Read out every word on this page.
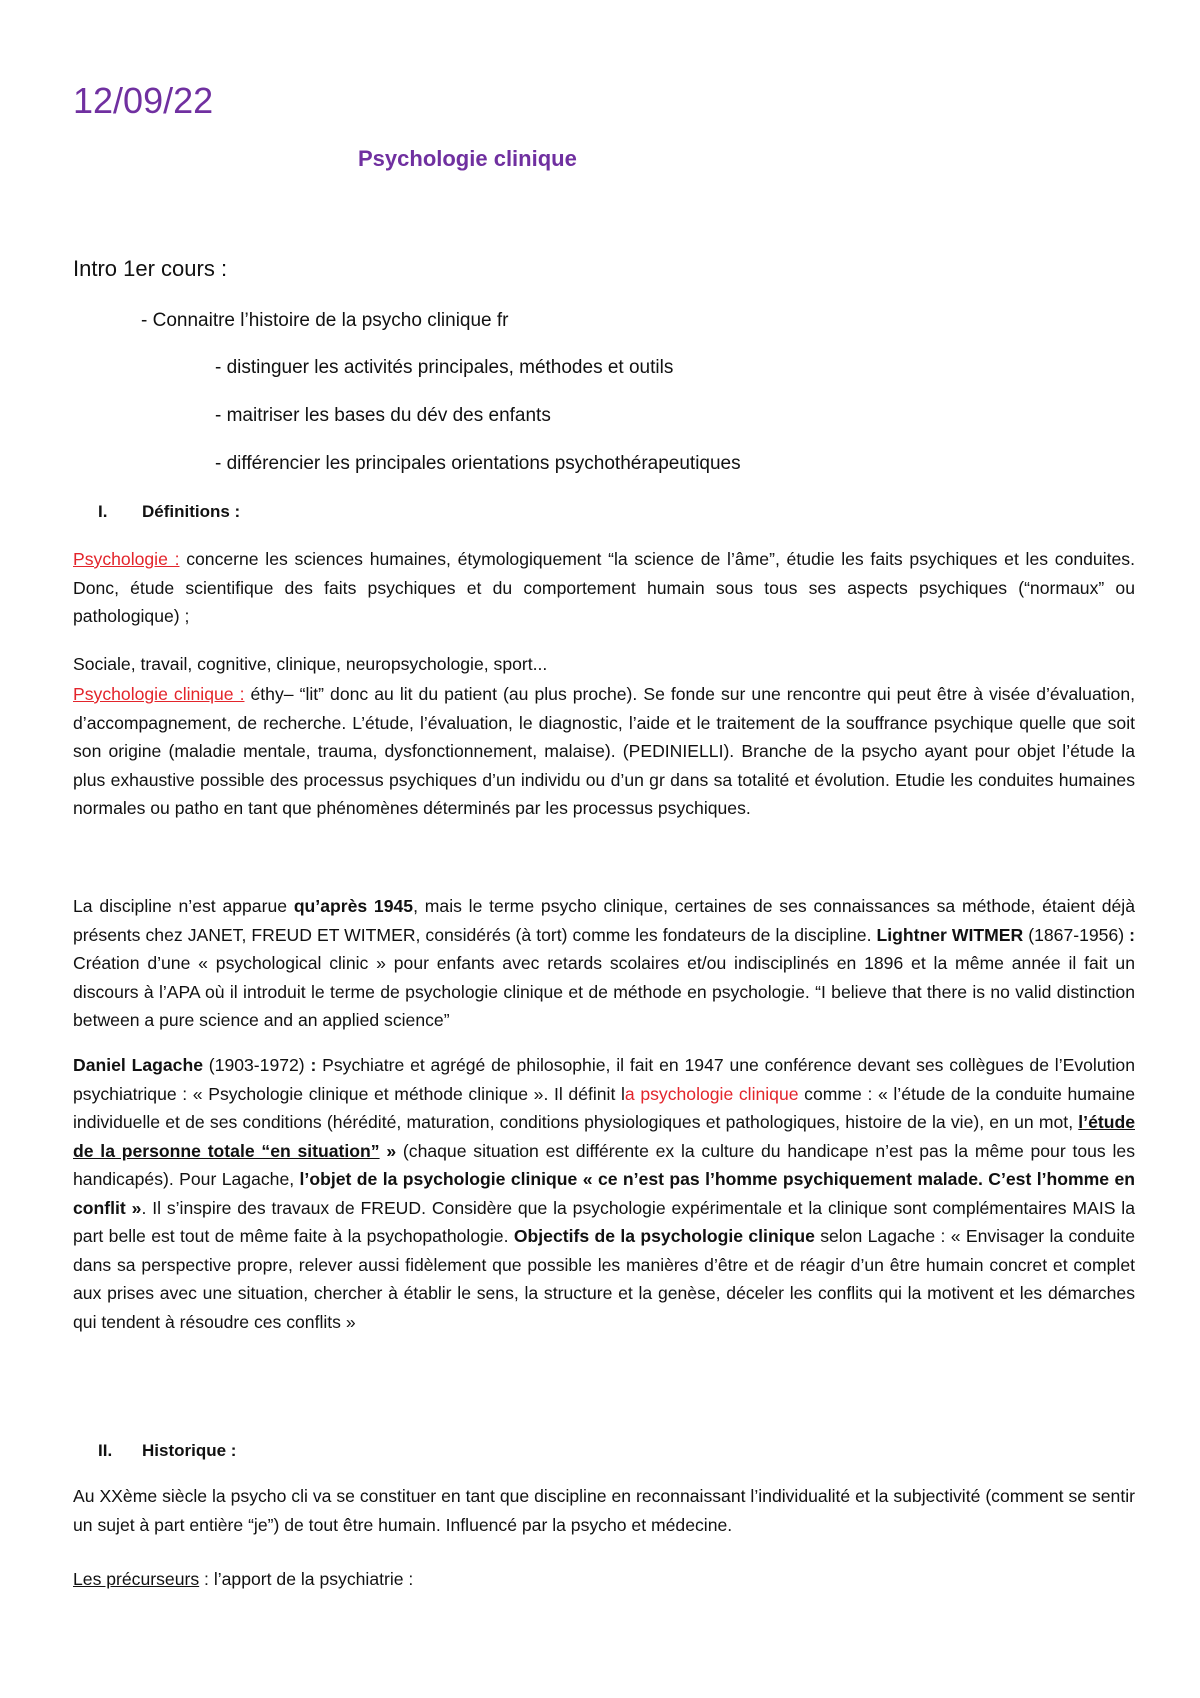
12/09/22
Psychologie clinique
Intro 1er cours :
- Connaitre l’histoire de la psycho clinique fr
- distinguer les activités principales, méthodes et outils
- maitriser les bases du dév des enfants
- différencier les principales orientations psychothérapeutiques
I. Définitions :
Psychologie : concerne les sciences humaines, étymologiquement “la science de l’âme”, étudie les faits psychiques et les conduites. Donc, étude scientifique des faits psychiques et du comportement humain sous tous ses aspects psychiques (“normaux” ou pathologique) ;
Sociale, travail, cognitive, clinique, neuropsychologie, sport...
Psychologie clinique : éthy– “lit” donc au lit du patient (au plus proche). Se fonde sur une rencontre qui peut être à visée d’évaluation, d’accompagnement, de recherche. L’étude, l’évaluation, le diagnostic, l’aide et le traitement de la souffrance psychique quelle que soit son origine (maladie mentale, trauma, dysfonctionnement, malaise). (PEDINIELLI). Branche de la psycho ayant pour objet l’étude la plus exhaustive possible des processus psychiques d’un individu ou d’un gr dans sa totalité et évolution. Etudie les conduites humaines normales ou patho en tant que phénomènes déterminés par les processus psychiques.
La discipline n’est apparue qu’après 1945, mais le terme psycho clinique, certaines de ses connaissances sa méthode, étaient déjà présents chez JANET, FREUD ET WITMER, considérés (à tort) comme les fondateurs de la discipline. Lightner WITMER (1867-1956) : Création d’une « psychological clinic » pour enfants avec retards scolaires et/ou indisciplinés en 1896 et la même année il fait un discours à l’APA où il introduit le terme de psychologie clinique et de méthode en psychologie. “I believe that there is no valid distinction between a pure science and an applied science”
Daniel Lagache (1903-1972) : Psychiatre et agrégé de philosophie, il fait en 1947 une conférence devant ses collègues de l’Evolution psychiatrique : « Psychologie clinique et méthode clinique ». Il définit la psychologie clinique comme : « l’étude de la conduite humaine individuelle et de ses conditions (hérédité, maturation, conditions physiologiques et pathologiques, histoire de la vie), en un mot, l’étude de la personne totale “en situation” » (chaque situation est différente ex la culture du handicape n’est pas la même pour tous les handicapés). Pour Lagache, l’objet de la psychologie clinique « ce n’est pas l’homme psychiquement malade. C’est l’homme en conflit ». Il s’inspire des travaux de FREUD. Considère que la psychologie expérimentale et la clinique sont complémentaires MAIS la part belle est tout de même faite à la psychopathologie. Objectifs de la psychologie clinique selon Lagache : « Envisager la conduite dans sa perspective propre, relever aussi fidèlement que possible les manières d’être et de réagir d’un être humain concret et complet aux prises avec une situation, chercher à établir le sens, la structure et la genèse, déceler les conflits qui la motivent et les démarches qui tendent à résoudre ces conflits »
II. Historique :
Au XXème siècle la psycho cli va se constituer en tant que discipline en reconnaissant l’individualité et la subjectivité (comment se sentir un sujet à part entière “je”) de tout être humain. Influencé par la psycho et médecine.
Les précurseurs : l’apport de la psychiatrie :
